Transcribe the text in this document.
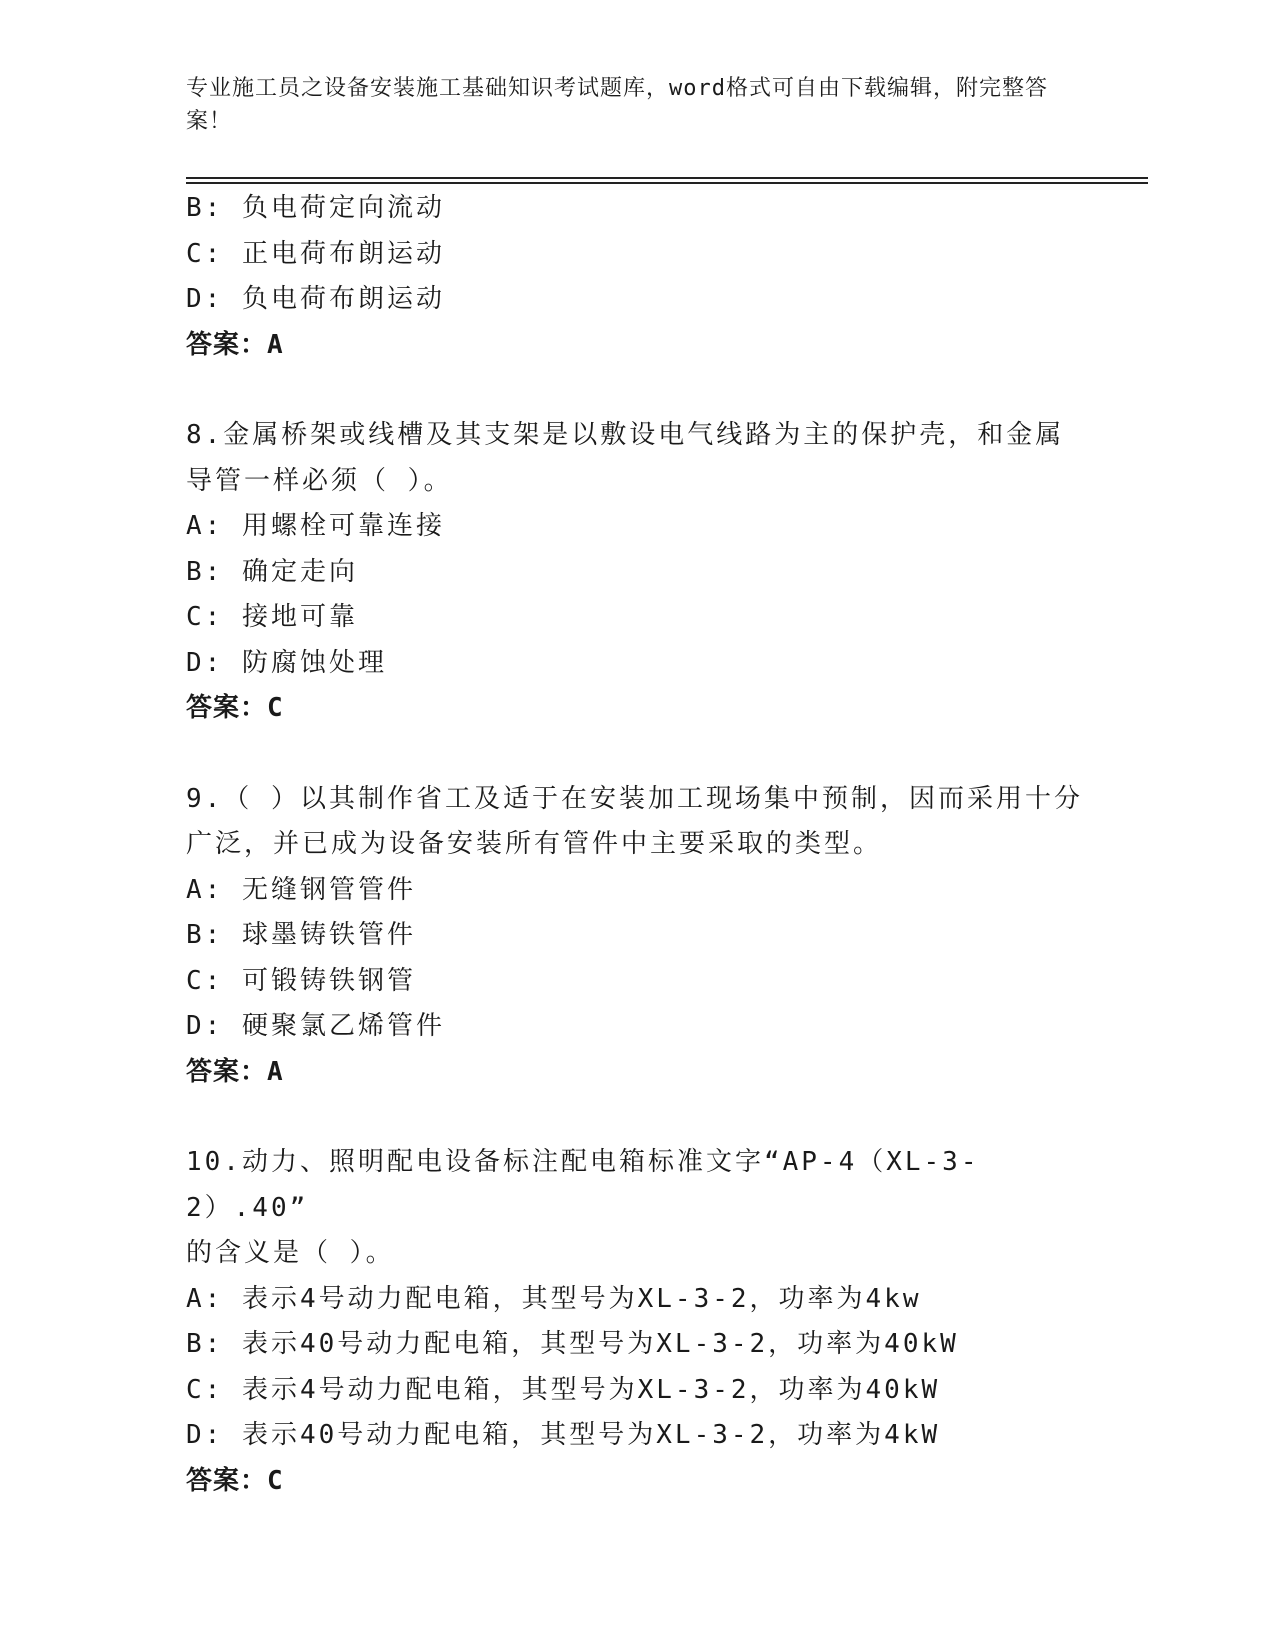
专业施工员之设备安装施工基础知识考试题库，word格式可自由下载编辑，附完整答案！
B: 负电荷定向流动
C: 正电荷布朗运动
D: 负电荷布朗运动
答案：A
8.金属桥架或线槽及其支架是以敷设电气线路为主的保护壳，和金属
导管一样必须（ ）。
A: 用螺栓可靠连接
B: 确定走向
C: 接地可靠
D: 防腐蚀处理
答案：C
9.（ ）以其制作省工及适于在安装加工现场集中预制，因而采用十分
广泛，并已成为设备安装所有管件中主要采取的类型。
A: 无缝钢管管件
B: 球墨铸铁管件
C: 可锻铸铁钢管
D: 硬聚氯乙烯管件
答案：A
10.动力、照明配电设备标注配电箱标准文字“AP-4（XL-3-2）.40”
的含义是（ ）。
A: 表示4号动力配电箱，其型号为XL-3-2，功率为4kw
B: 表示40号动力配电箱，其型号为XL-3-2，功率为40kW
C: 表示4号动力配电箱，其型号为XL-3-2，功率为40kW
D: 表示40号动力配电箱，其型号为XL-3-2，功率为4kW
答案：C
